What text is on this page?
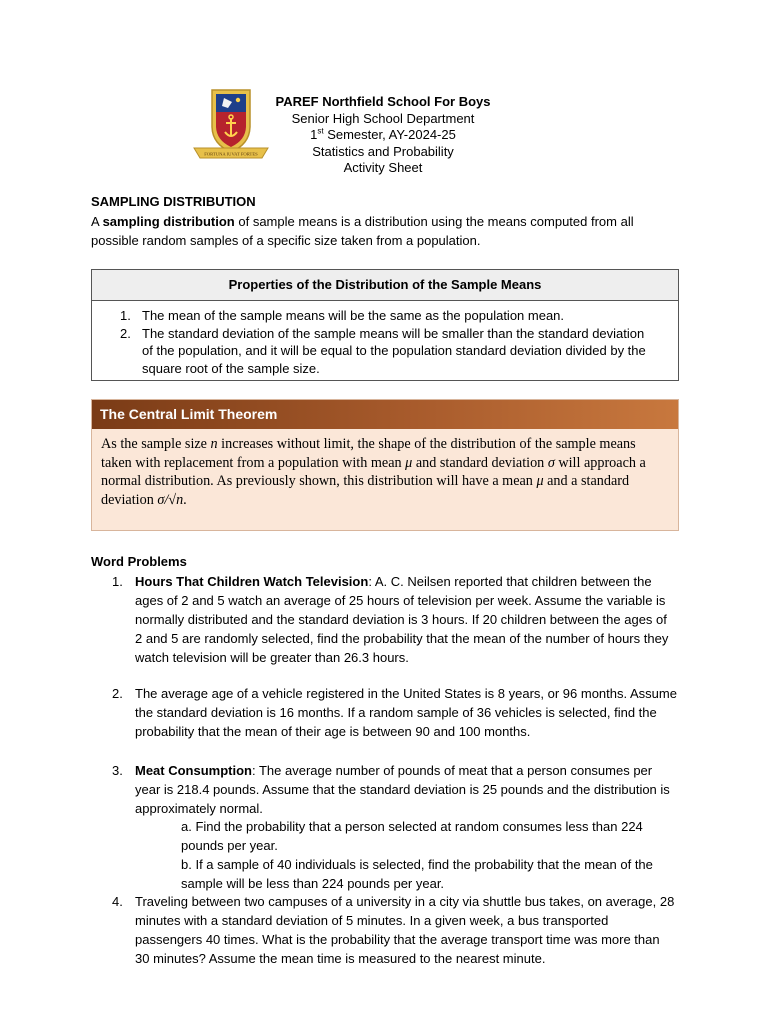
FORTUNA IUVAT FORTES
PAREF Northfield School For Boys
Senior High School Department
1st Semester, AY-2024-25
Statistics and Probability
Activity Sheet
SAMPLING DISTRIBUTION
A sampling distribution of sample means is a distribution using the means computed from all possible random samples of a specific size taken from a population.
Properties of the Distribution of the Sample Means
1. The mean of the sample means will be the same as the population mean.
2. The standard deviation of the sample means will be smaller than the standard deviation of the population, and it will be equal to the population standard deviation divided by the square root of the sample size.
The Central Limit Theorem
As the sample size n increases without limit, the shape of the distribution of the sample means taken with replacement from a population with mean μ and standard deviation σ will approach a normal distribution. As previously shown, this distribution will have a mean μ and a standard deviation σ/√n.
Word Problems
1. Hours That Children Watch Television: A. C. Neilsen reported that children between the ages of 2 and 5 watch an average of 25 hours of television per week. Assume the variable is normally distributed and the standard deviation is 3 hours. If 20 children between the ages of 2 and 5 are randomly selected, find the probability that the mean of the number of hours they watch television will be greater than 26.3 hours.
2. The average age of a vehicle registered in the United States is 8 years, or 96 months. Assume the standard deviation is 16 months. If a random sample of 36 vehicles is selected, find the probability that the mean of their age is between 90 and 100 months.
3. Meat Consumption: The average number of pounds of meat that a person consumes per year is 218.4 pounds. Assume that the standard deviation is 25 pounds and the distribution is approximately normal.
a. Find the probability that a person selected at random consumes less than 224 pounds per year.
b. If a sample of 40 individuals is selected, find the probability that the mean of the sample will be less than 224 pounds per year.
4. Traveling between two campuses of a university in a city via shuttle bus takes, on average, 28 minutes with a standard deviation of 5 minutes. In a given week, a bus transported passengers 40 times. What is the probability that the average transport time was more than 30 minutes? Assume the mean time is measured to the nearest minute.
